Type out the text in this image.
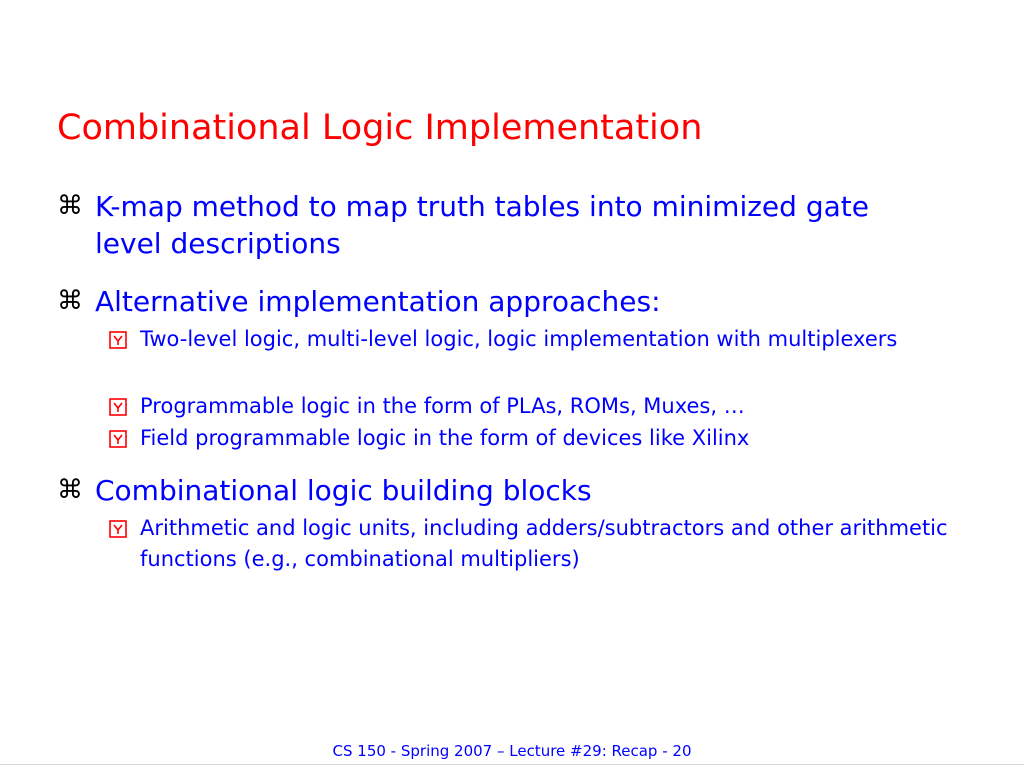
Combinational Logic Implementation
⌘ K-map method to map truth tables into minimized gate level descriptions
⌘ Alternative implementation approaches:
Two-level logic, multi-level logic, logic implementation with multiplexers
Programmable logic in the form of PLAs, ROMs, Muxes, …
Field programmable logic in the form of devices like Xilinx
⌘ Combinational logic building blocks
Arithmetic and logic units, including adders/subtractors and other arithmetic functions (e.g., combinational multipliers)
CS 150 - Spring 2007 – Lecture #29: Recap - 20
